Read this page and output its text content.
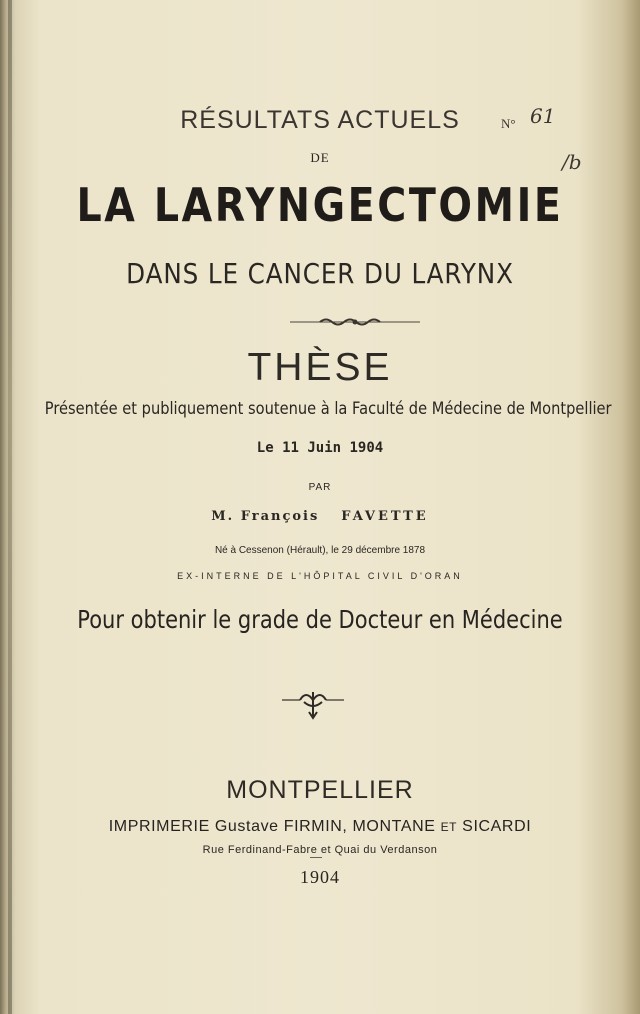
RÉSULTATS ACTUELS
DE
LA LARYNGECTOMIE
DANS LE CANCER DU LARYNX
THÈSE
Présentée et publiquement soutenue à la Faculté de Médecine de Montpellier
Le 11 Juin 1904
PAR
M. François FAVETTE
Né à Cessenon (Hérault), le 29 décembre 1878
EX-INTERNE DE L'HÔPITAL CIVIL D'ORAN
Pour obtenir le grade de Docteur en Médecine
MONTPELLIER
IMPRIMERIE Gustave FIRMIN, MONTANE ET SICARDI
Rue Ferdinand-Fabre et Quai du Verdanson
1904
N° 61
/b
